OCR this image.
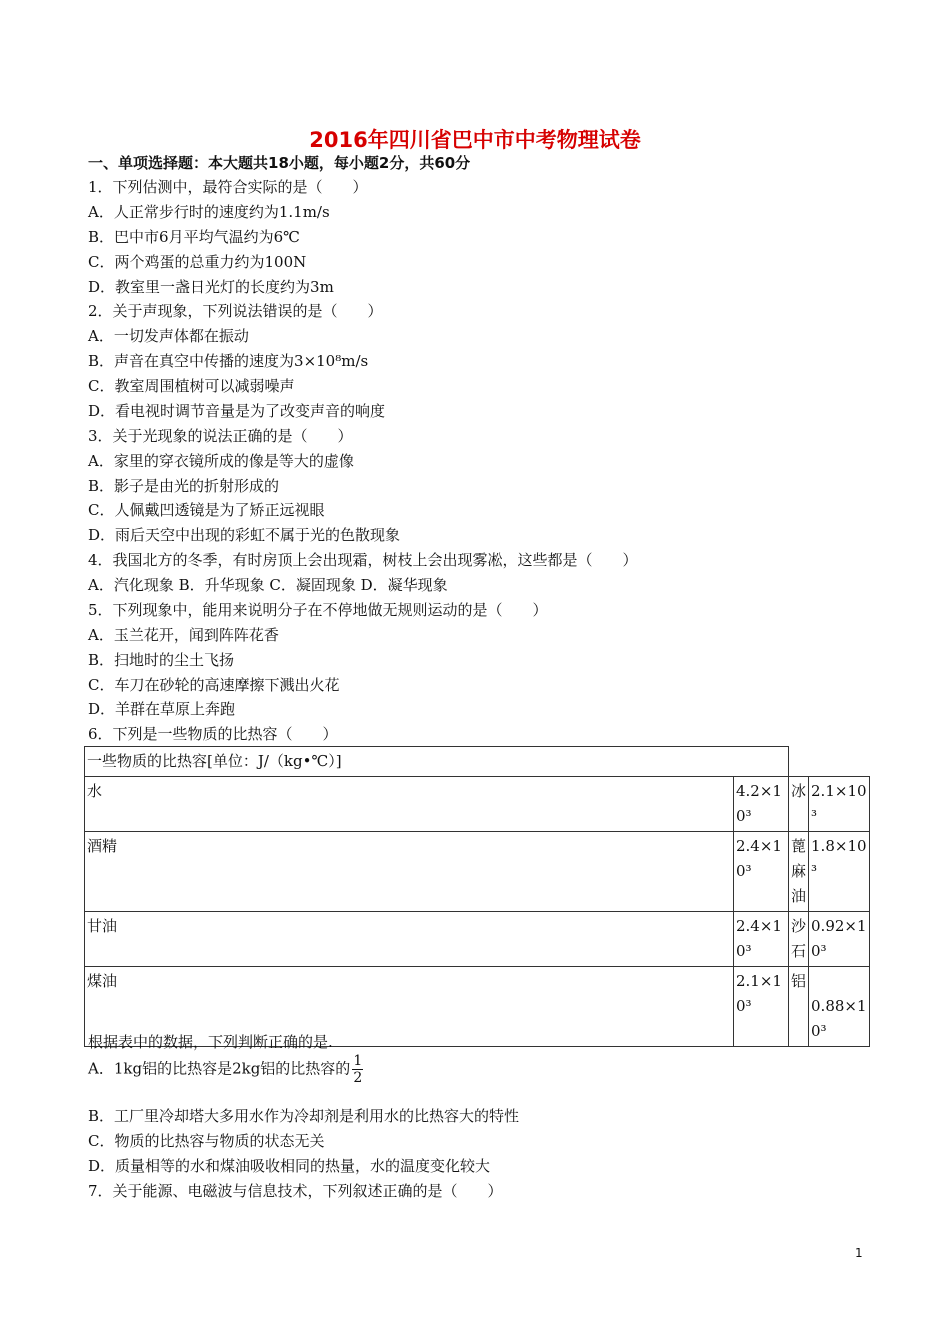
2016年四川省巴中市中考物理试卷
一、单项选择题：本大题共18小题，每小题2分，共60分
1．下列估测中，最符合实际的是（　　）
A．人正常步行时的速度约为1.1m/s
B．巴中市6月平均气温约为6℃
C．两个鸡蛋的总重力约为100N
D．教室里一盏日光灯的长度约为3m
2．关于声现象，下列说法错误的是（　　）
A．一切发声体都在振动
B．声音在真空中传播的速度为3×10⁸m/s
C．教室周围植树可以减弱噪声
D．看电视时调节音量是为了改变声音的响度
3．关于光现象的说法正确的是（　　）
A．家里的穿衣镜所成的像是等大的虚像
B．影子是由光的折射形成的
C．人佩戴凹透镜是为了矫正远视眼
D．雨后天空中出现的彩虹不属于光的色散现象
4．我国北方的冬季，有时房顶上会出现霜，树枝上会出现雾凇，这些都是（　　）
A．汽化现象 B．升华现象 C．凝固现象 D．凝华现象
5．下列现象中，能用来说明分子在不停地做无规则运动的是（　　）
A．玉兰花开，闻到阵阵花香
B．扫地时的尘土飞扬
C．车刀在砂轮的高速摩擦下溅出火花
D．羊群在草原上奔跑
6．下列是一些物质的比热容（　　）
一些物质的比热容[单位：J/（kg•℃）]			
水	4.2×10³	冰	2.1×10³
酒精	2.4×10³	蓖麻油	1.8×10³
甘油	2.4×10³	沙石	0.92×10³
煤油	2.1×10³	铝	0.88×10³
根据表中的数据，下列判断正确的是.
A．1kg铝的比热容是2kg铝的比热容的 $\frac{1}{2}$
B．工厂里冷却塔大多用水作为冷却剂是利用水的比热容大的特性
C．物质的比热容与物质的状态无关
D．质量相等的水和煤油吸收相同的热量，水的温度变化较大
7．关于能源、电磁波与信息技术，下列叙述正确的是（　　）
1
